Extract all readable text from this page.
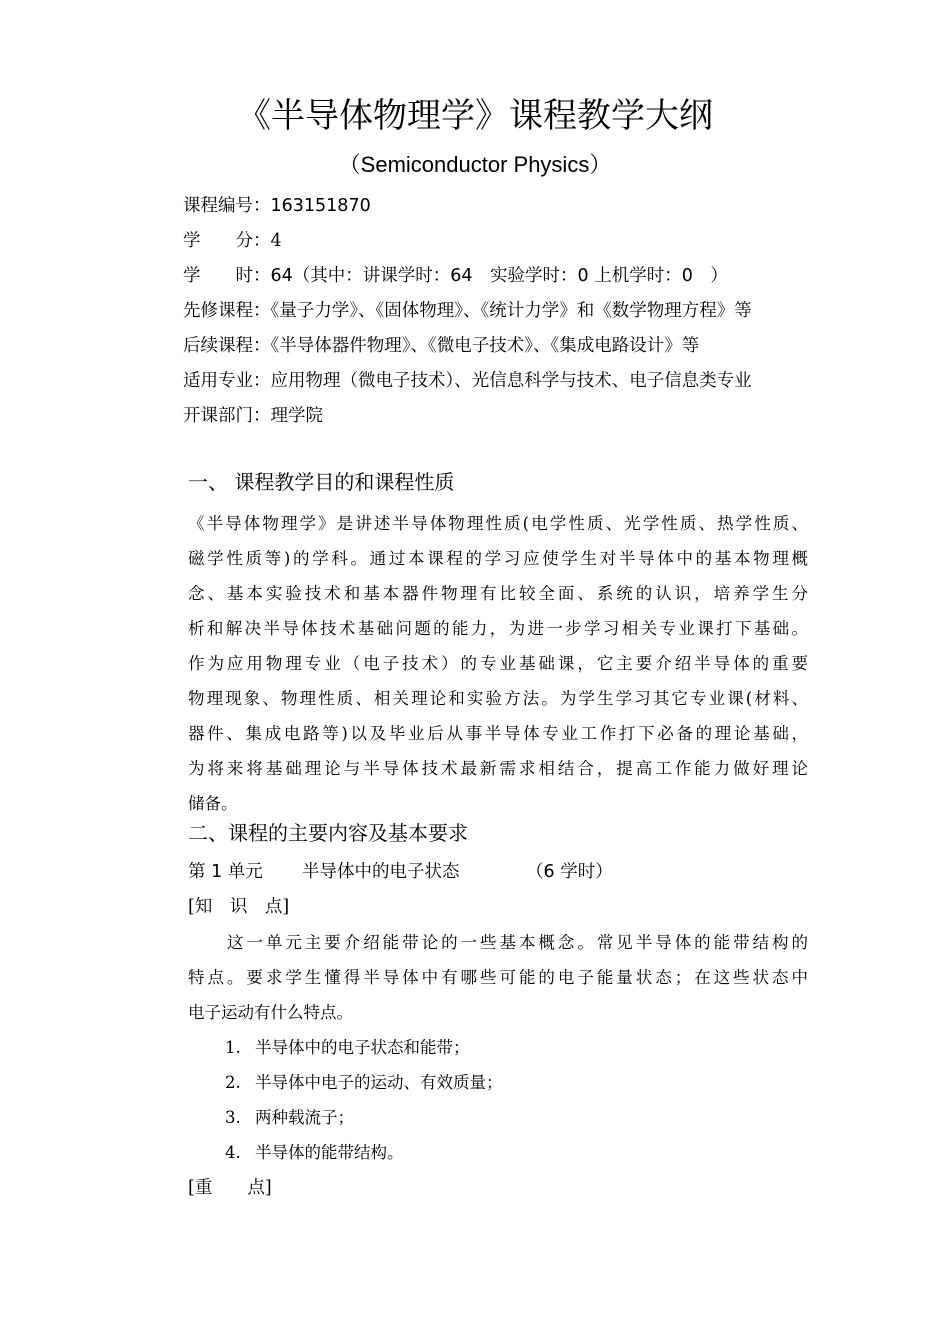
《半导体物理学》课程教学大纲
（Semiconductor Physics）
课程编号：163151870
学　　分：4
学　　时：64（其中：讲课学时：64　实验学时：0 上机学时：0　）
先修课程：《量子力学》、《固体物理》、《统计力学》和《数学物理方程》等
后续课程：《半导体器件物理》、《微电子技术》、《集成电路设计》等
适用专业：应用物理（微电子技术）、光信息科学与技术、电子信息类专业
开课部门：理学院
一、 课程教学目的和课程性质
《半导体物理学》是讲述半导体物理性质(电学性质、光学性质、热学性质、
磁学性质等)的学科。通过本课程的学习应使学生对半导体中的基本物理概
念、基本实验技术和基本器件物理有比较全面、系统的认识，培养学生分
析和解决半导体技术基础问题的能力，为进一步学习相关专业课打下基础。
作为应用物理专业（电子技术）的专业基础课，它主要介绍半导体的重要
物理现象、物理性质、相关理论和实验方法。为学生学习其它专业课(材料、
器件、集成电路等)以及毕业后从事半导体专业工作打下必备的理论基础，
为将来将基础理论与半导体技术最新需求相结合，提高工作能力做好理论
储备。
二、课程的主要内容及基本要求
第 1 单元 半导体中的电子状态	（6 学时）
[知　识　点]
　　这一单元主要介绍能带论的一些基本概念。常见半导体的能带结构的
特点。要求学生懂得半导体中有哪些可能的电子能量状态；在这些状态中
电子运动有什么特点。
1. 半导体中的电子状态和能带；
2. 半导体中电子的运动、有效质量；
3. 两种载流子；
4. 半导体的能带结构。
[重　　点]
